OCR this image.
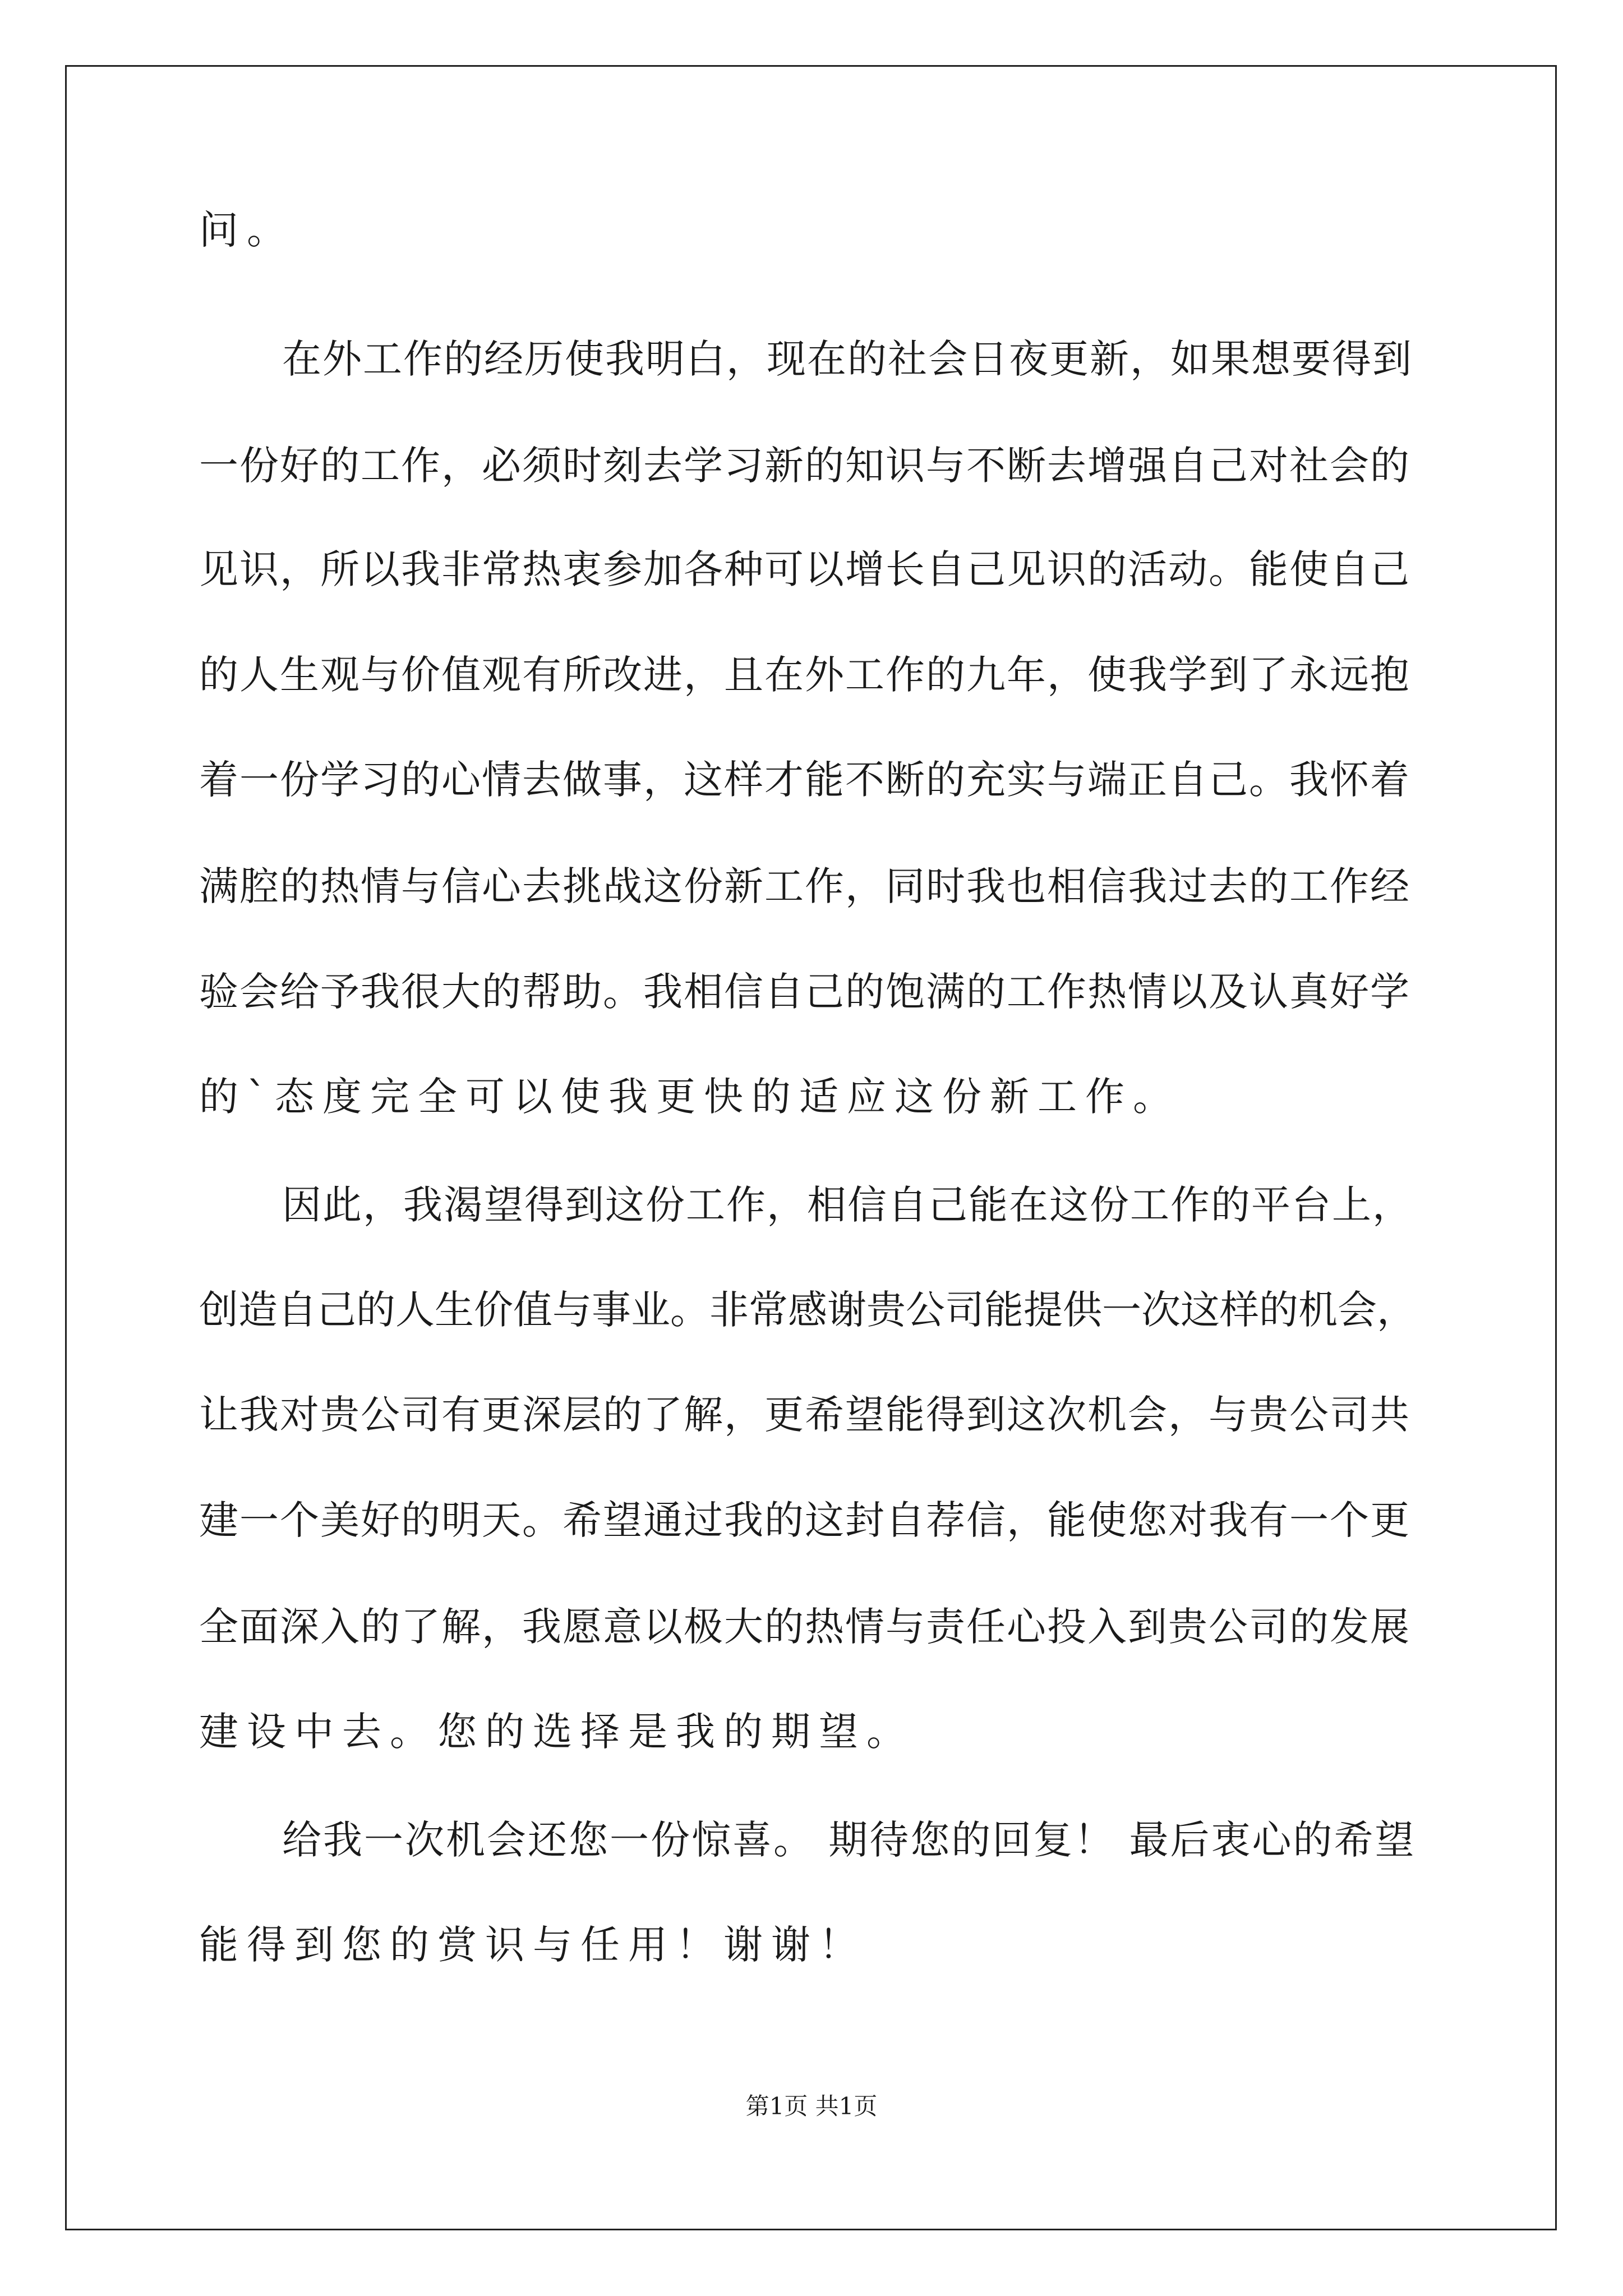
问。
在外工作的经历使我明白，现在的社会日夜更新，如果想要得到
一份好的工作，必须时刻去学习新的知识与不断去增强自己对社会的
见识，所以我非常热衷参加各种可以增长自己见识的活动。能使自己
的人生观与价值观有所改进，且在外工作的九年，使我学到了永远抱
着一份学习的心情去做事，这样才能不断的充实与端正自己。我怀着
满腔的热情与信心去挑战这份新工作，同时我也相信我过去的工作经
验会给予我很大的帮助。我相信自己的饱满的工作热情以及认真好学
的`态度完全可以使我更快的适应这份新工作。
因此，我渴望得到这份工作，相信自己能在这份工作的平台上，
创造自己的人生价值与事业。非常感谢贵公司能提供一次这样的机会，
让我对贵公司有更深层的了解，更希望能得到这次机会，与贵公司共
建一个美好的明天。希望通过我的这封自荐信，能使您对我有一个更
全面深入的了解，我愿意以极大的热情与责任心投入到贵公司的发展
建设中去。您的选择是我的期望。
给我一次机会还您一份惊喜。 期待您的回复！ 最后衷心的希望
能得到您的赏识与任用！谢谢！
第1页 共1页
